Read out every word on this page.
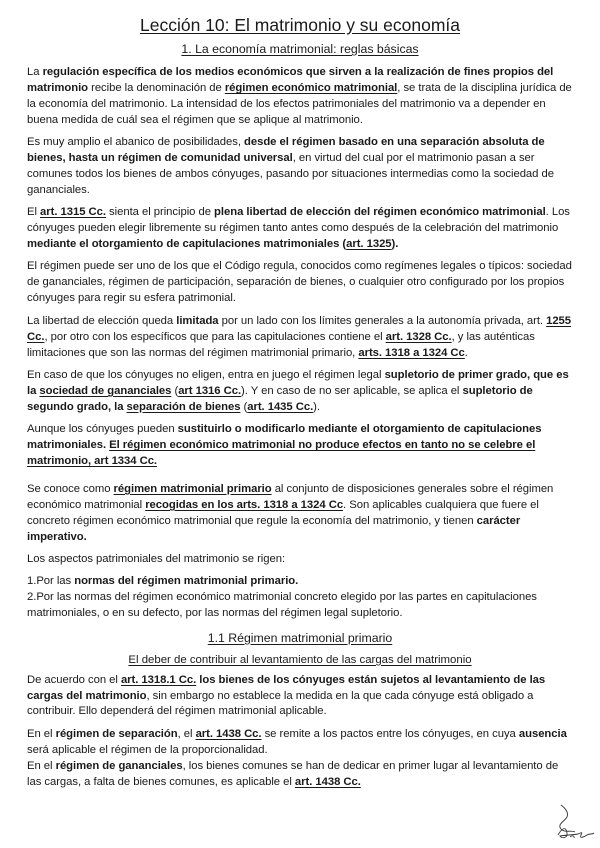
Lección 10: El matrimonio y su economía
1. La economía matrimonial: reglas básicas

La regulación específica de los medios económicos que sirven a la realización de fines propios del matrimonio recibe la denominación de régimen económico matrimonial, se trata de la disciplina jurídica de la economía del matrimonio. La intensidad de los efectos patrimoniales del matrimonio va a depender en buena medida de cuál sea el régimen que se aplique al matrimonio.

Es muy amplio el abanico de posibilidades, desde el régimen basado en una separación absoluta de bienes, hasta un régimen de comunidad universal, en virtud del cual por el matrimonio pasan a ser comunes todos los bienes de ambos cónyuges, pasando por situaciones intermedias como la sociedad de gananciales.

El art. 1315 Cc. sienta el principio de plena libertad de elección del régimen económico matrimonial. Los cónyuges pueden elegir libremente su régimen tanto antes como después de la celebración del matrimonio mediante el otorgamiento de capitulaciones matrimoniales (art. 1325).

El régimen puede ser uno de los que el Código regula, conocidos como regímenes legales o típicos: sociedad de gananciales, régimen de participación, separación de bienes, o cualquier otro configurado por los propios cónyuges para regir su esfera patrimonial.

La libertad de elección queda limitada por un lado con los límites generales a la autonomía privada, art. 1255 Cc., por otro con los específicos que para las capitulaciones contiene el art. 1328 Cc., y las auténticas limitaciones que son las normas del régimen matrimonial primario, arts. 1318 a 1324 Cc.

En caso de que los cónyuges no eligen, entra en juego el régimen legal supletorio de primer grado, que es la sociedad de gananciales (art 1316 Cc.). Y en caso de no ser aplicable, se aplica el supletorio de segundo grado, la separación de bienes (art. 1435 Cc.).

Aunque los cónyuges pueden sustituirlo o modificarlo mediante el otorgamiento de capitulaciones matrimoniales. El régimen económico matrimonial no produce efectos en tanto no se celebre el matrimonio, art 1334 Cc.

Se conoce como régimen matrimonial primario al conjunto de disposiciones generales sobre el régimen económico matrimonial recogidas en los arts. 1318 a 1324 Cc. Son aplicables cualquiera que fuere el concreto régimen económico matrimonial que regule la economía del matrimonio, y tienen carácter imperativo.

Los aspectos patrimoniales del matrimonio se rigen:

1.Por las normas del régimen matrimonial primario.

2.Por las normas del régimen económico matrimonial concreto elegido por las partes en capitulaciones matrimoniales, o en su defecto, por las normas del régimen legal supletorio.

1.1 Régimen matrimonial primario
El deber de contribuir al levantamiento de las cargas del matrimonio

De acuerdo con el art. 1318.1 Cc. los bienes de los cónyuges están sujetos al levantamiento de las cargas del matrimonio, sin embargo no establece la medida en la que cada cónyuge está obligado a contribuir. Ello dependerá del régimen matrimonial aplicable.

En el régimen de separación, el art. 1438 Cc. se remite a los pactos entre los cónyuges, en cuya ausencia será aplicable el régimen de la proporcionalidad.

En el régimen de gananciales, los bienes comunes se han de dedicar en primer lugar al levantamiento de las cargas, a falta de bienes comunes, es aplicable el art. 1438 Cc.
